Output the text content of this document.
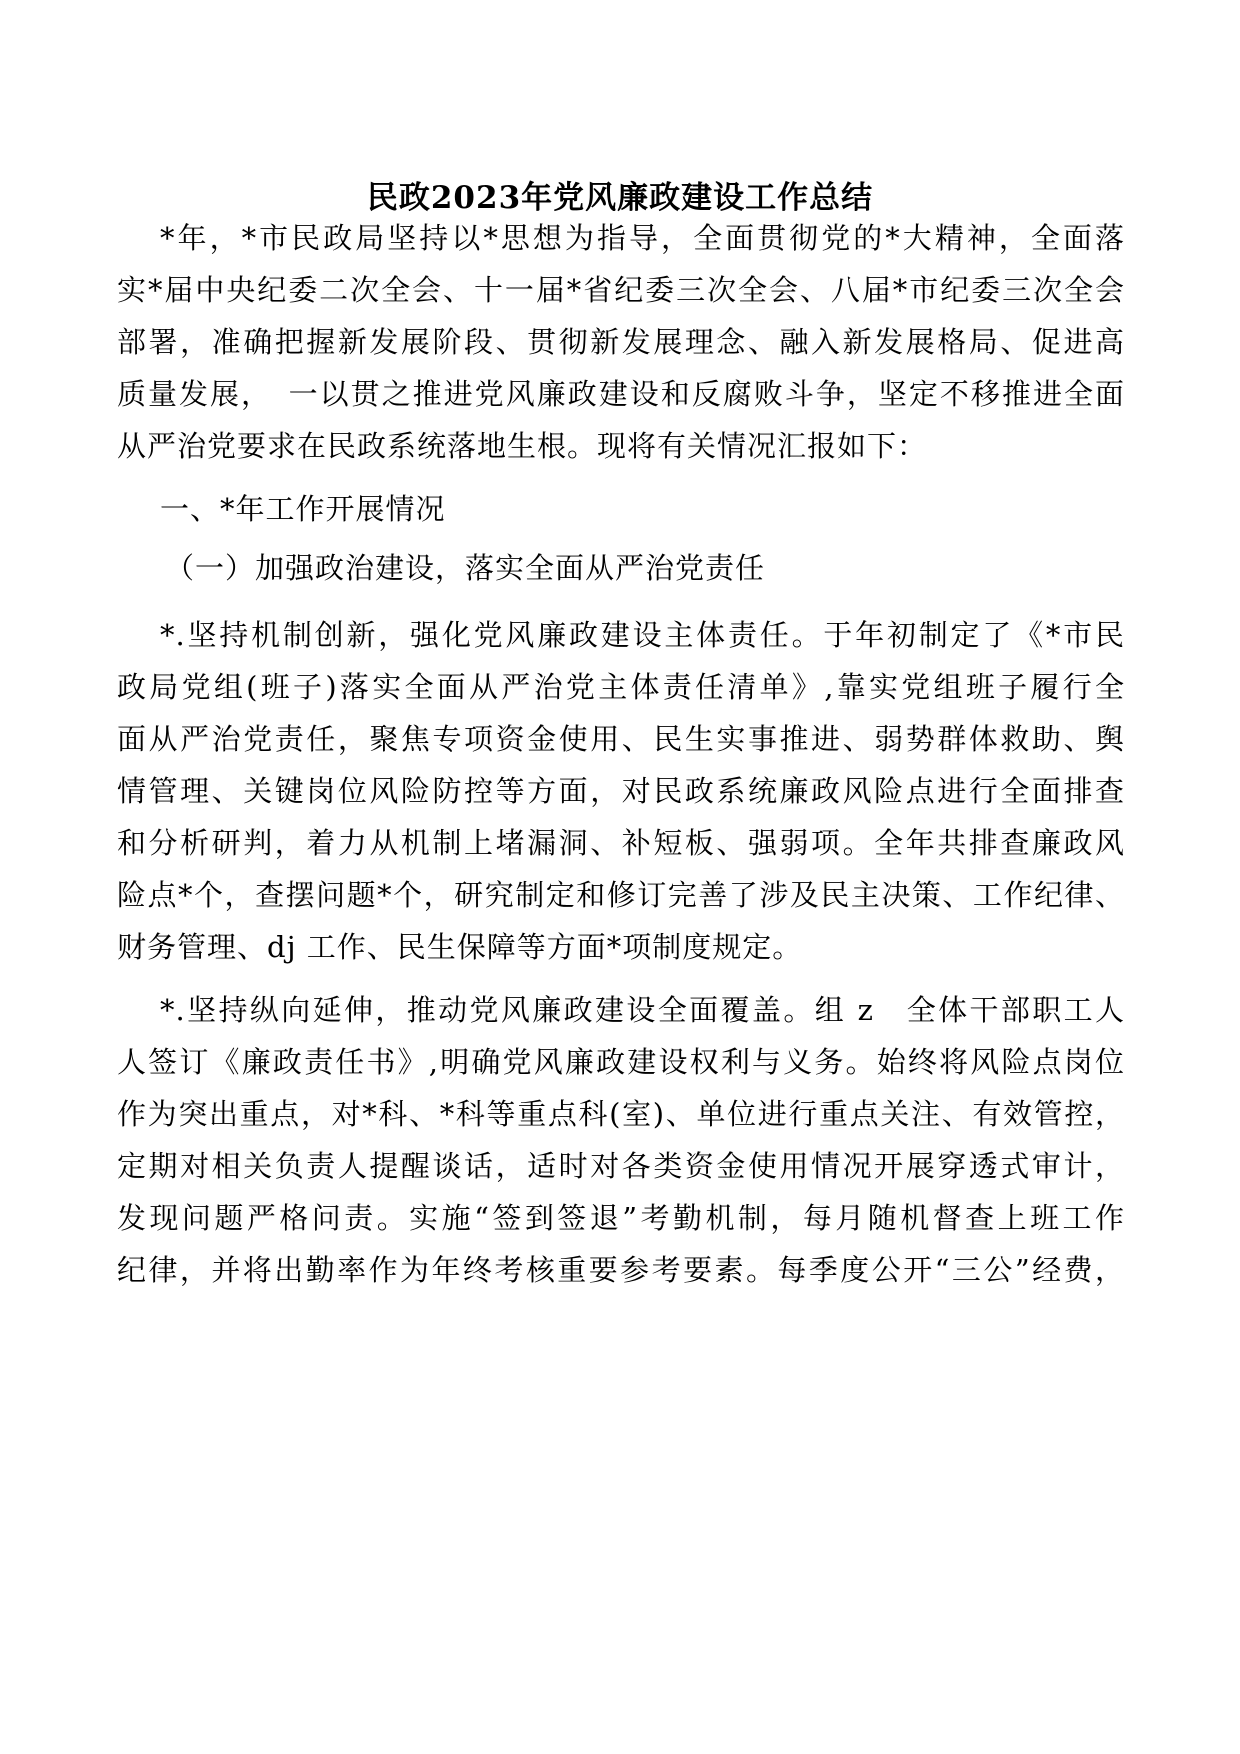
民政2023年党风廉政建设工作总结
*年，*市民政局坚持以*思想为指导，全面贯彻党的*大精神，全面落
实*届中央纪委二次全会、十一届*省纪委三次全会、八届*市纪委三次全会
部署，准确把握新发展阶段、贯彻新发展理念、融入新发展格局、促进高
质量发展，　一以贯之推进党风廉政建设和反腐败斗争，坚定不移推进全面
从严治党要求在民政系统落地生根。现将有关情况汇报如下：
一、*年工作开展情况
（一）加强政治建设，落实全面从严治党责任
*.坚持机制创新，强化党风廉政建设主体责任。于年初制定了《*市民
政局党组(班子)落实全面从严治党主体责任清单》,靠实党组班子履行全
面从严治党责任，聚焦专项资金使用、民生实事推进、弱势群体救助、舆
情管理、关键岗位风险防控等方面，对民政系统廉政风险点进行全面排查
和分析研判，着力从机制上堵漏洞、补短板、强弱项。全年共排查廉政风
险点*个，查摆问题*个，研究制定和修订完善了涉及民主决策、工作纪律、
财务管理、dj 工作、民生保障等方面*项制度规定。
*.坚持纵向延伸，推动党风廉政建设全面覆盖。组 z　全体干部职工人
人签订《廉政责任书》,明确党风廉政建设权利与义务。始终将风险点岗位
作为突出重点，对*科、*科等重点科(室)、单位进行重点关注、有效管控，
定期对相关负责人提醒谈话，适时对各类资金使用情况开展穿透式审计，
发现问题严格问责。实施“签到签退”考勤机制，每月随机督查上班工作
纪律，并将出勤率作为年终考核重要参考要素。每季度公开“三公”经费，
